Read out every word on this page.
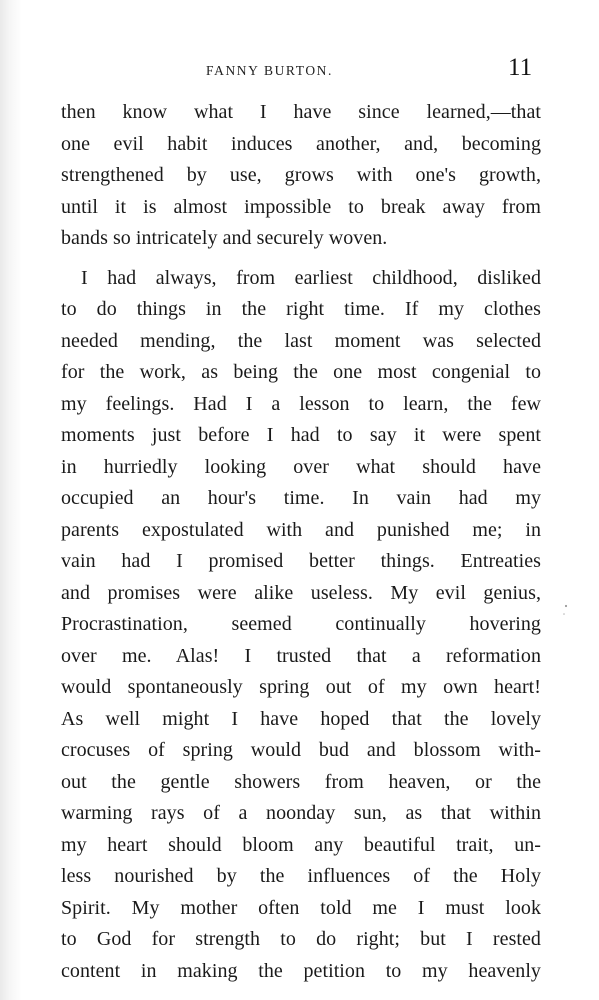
FANNY BURTON.	11
then know what I have since learned,—that
one evil habit induces another, and, becoming
strengthened by use, grows with one's growth,
until it is almost impossible to break away from
bands so intricately and securely woven.
I had always, from earliest childhood, disliked
to do things in the right time. If my clothes
needed mending, the last moment was selected
for the work, as being the one most congenial to
my feelings. Had I a lesson to learn, the few
moments just before I had to say it were spent
in hurriedly looking over what should have
occupied an hour's time. In vain had my
parents expostulated with and punished me; in
vain had I promised better things. Entreaties
and promises were alike useless. My evil genius,
Procrastination, seemed continually hovering
over me. Alas! I trusted that a reformation
would spontaneously spring out of my own heart!
As well might I have hoped that the lovely
crocuses of spring would bud and blossom with-
out the gentle showers from heaven, or the
warming rays of a noonday sun, as that within
my heart should bloom any beautiful trait, un-
less nourished by the influences of the Holy
Spirit. My mother often told me I must look
to God for strength to do right; but I rested
content in making the petition to my heavenly
